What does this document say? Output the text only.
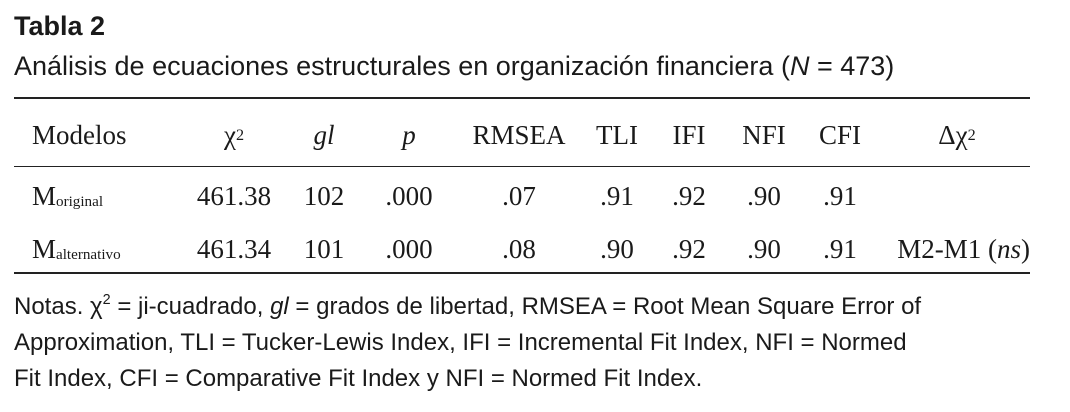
Tabla 2
Análisis de ecuaciones estructurales en organización financiera (N = 473)
Modelos	χ 2	gl	p	RMSEA	TLI	IFI	NFI	CFI	Δχ 2
M original	461.38	102	.000	.07	.91	.92	.90	.91
M alternativo	461.34	101	.000	.08	.90	.92	.90	.91	M2-M1 ( ns )
Notas. $\chi^2$ = ji-cuadrado, gl = grados de libertad, RMSEA = Root Mean Square Error of
Approximation, TLI = Tucker-Lewis Index, IFI = Incremental Fit Index, NFI = Normed
Fit Index, CFI = Comparative Fit Index y NFI = Normed Fit Index.
